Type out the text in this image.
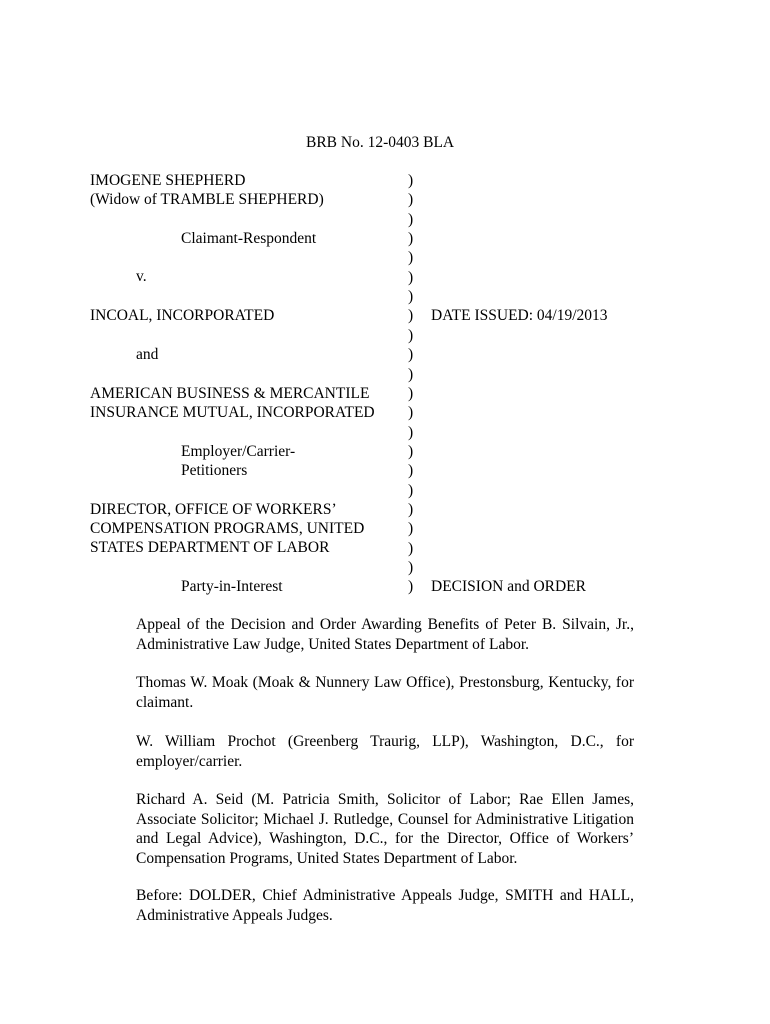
BRB No. 12-0403 BLA
IMOGENE SHEPHERD
(Widow of TRAMBLE SHEPHERD)
Claimant-Respondent
v.
INCOAL, INCORPORATED
and
AMERICAN BUSINESS & MERCANTILE
INSURANCE MUTUAL, INCORPORATED
Employer/Carrier-
Petitioners
DIRECTOR, OFFICE OF WORKERS’
COMPENSATION PROGRAMS, UNITED
STATES DEPARTMENT OF LABOR
Party-in-Interest
)
)
)
)
)
)
)
)
)
)
)
)
)
)
)
)
)
)
)
)
)
)
DATE ISSUED: 04/19/2013
DECISION and ORDER
Appeal of the Decision and Order Awarding Benefits of Peter B. Silvain, Jr., Administrative Law Judge, United States Department of Labor.
Thomas W. Moak (Moak & Nunnery Law Office), Prestonsburg, Kentucky, for claimant.
W. William Prochot (Greenberg Traurig, LLP), Washington, D.C., for employer/carrier.
Richard A. Seid (M. Patricia Smith, Solicitor of Labor; Rae Ellen James, Associate Solicitor; Michael J. Rutledge, Counsel for Administrative Litigation and Legal Advice), Washington, D.C., for the Director, Office of Workers’ Compensation Programs, United States Department of Labor.
Before: DOLDER, Chief Administrative Appeals Judge, SMITH and HALL, Administrative Appeals Judges.
